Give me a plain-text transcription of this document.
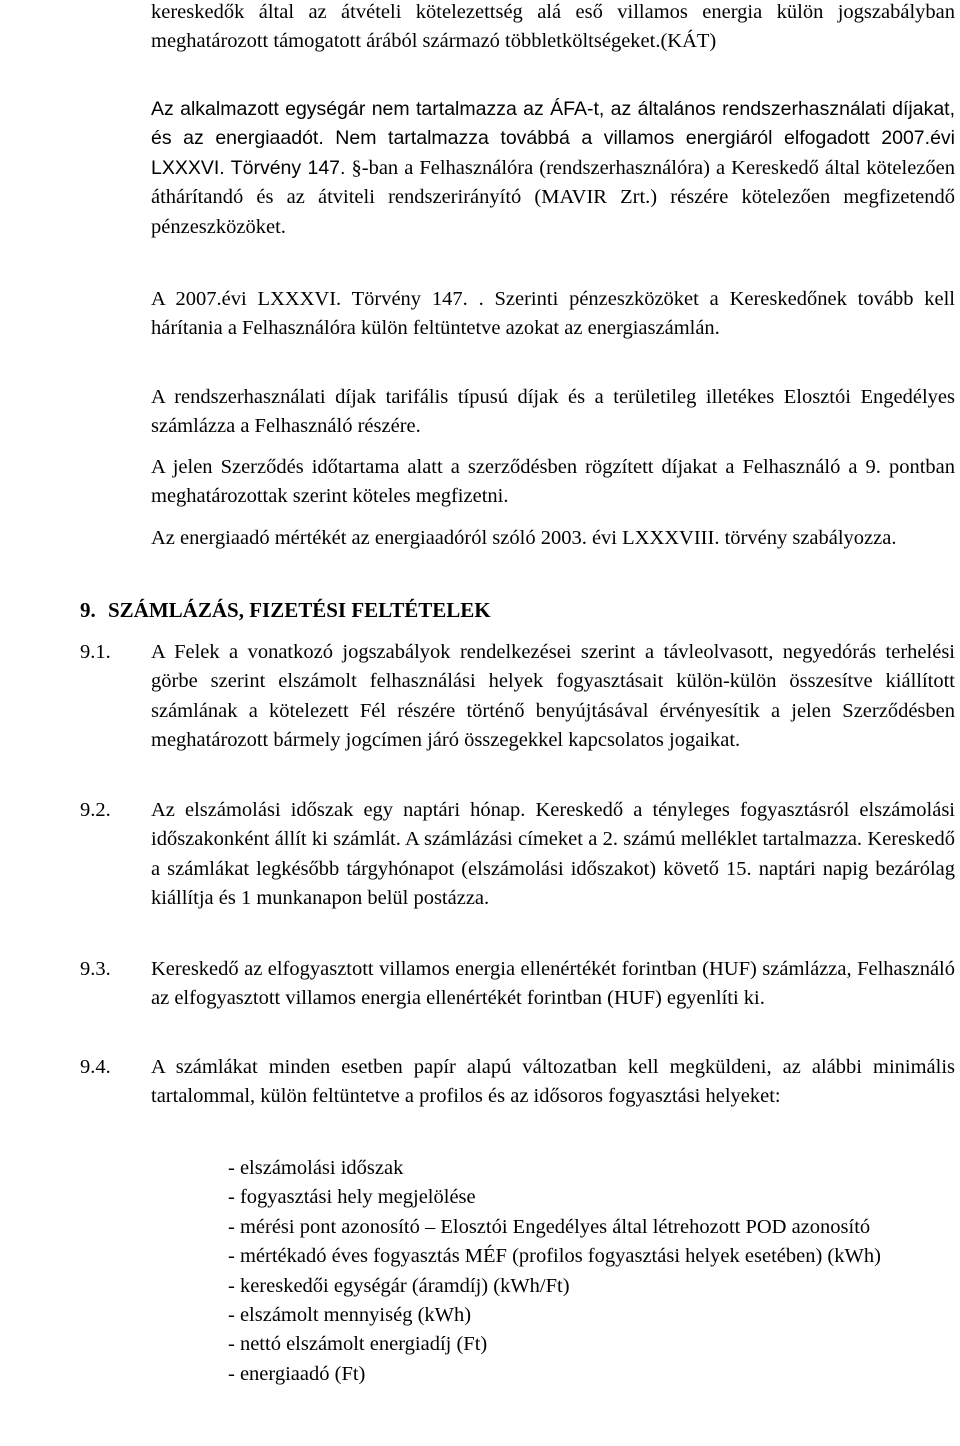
kereskedők által az átvételi kötelezettség alá eső villamos energia külön jogszabályban meghatározott támogatott árából származó többletköltségeket.(KÁT)

Az alkalmazott egységár nem tartalmazza az ÁFA-t, az általános rendszerhasználati díjakat, és az energiaadót. Nem tartalmazza továbbá a villamos energiáról elfogadott 2007.évi LXXXVI. Törvény 147. §-ban a Felhasználóra (rendszerhasználóra) a Kereskedő által kötelezően áthárítandó és az átviteli rendszerirányító (MAVIR Zrt.) részére kötelezően megfizetendő pénzeszközöket.

A 2007.évi LXXXVI. Törvény 147. . Szerinti pénzeszközöket a Kereskedőnek tovább kell hárítania a Felhasználóra külön feltüntetve azokat az energiaszámlán.

A rendszerhasználati díjak tarifális típusú díjak és a területileg illetékes Elosztói Engedélyes számlázza a Felhasználó részére.

A jelen Szerződés időtartama alatt a szerződésben rögzített díjakat a Felhasználó a 9. pontban meghatározottak szerint köteles megfizetni.

Az energiaadó mértékét az energiaadóról szóló 2003. évi LXXXVIII. törvény szabályozza.

9. SZÁMLÁZÁS, FIZETÉSI FELTÉTELEK
9.1. A Felek a vonatkozó jogszabályok rendelkezései szerint a távleolvasott, negyedórás terhelési görbe szerint elszámolt felhasználási helyek fogyasztásait külön-külön összesítve kiállított számlának a kötelezett Fél részére történő benyújtásával érvényesítik a jelen Szerződésben meghatározott bármely jogcímen járó összegekkel kapcsolatos jogaikat.

9.2. Az elszámolási időszak egy naptári hónap. Kereskedő a tényleges fogyasztásról elszámolási időszakonként állít ki számlát. A számlázási címeket a 2. számú melléklet tartalmazza. Kereskedő a számlákat legkésőbb tárgyhónapot (elszámolási időszakot) követő 15. naptári napig bezárólag kiállítja és 1 munkanapon belül postázza.

9.3. Kereskedő az elfogyasztott villamos energia ellenértékét forintban (HUF) számlázza, Felhasználó az elfogyasztott villamos energia ellenértékét forintban (HUF) egyenlíti ki.

9.4. A számlákat minden esetben papír alapú változatban kell megküldeni, az alábbi minimális tartalommal, külön feltüntetve a profilos és az idősoros fogyasztási helyeket:

- elszámolási időszak
- fogyasztási hely megjelölése
- mérési pont azonosító – Elosztói Engedélyes által létrehozott POD azonosító
- mértékadó éves fogyasztás MÉF (profilos fogyasztási helyek esetében) (kWh)
- kereskedői egységár (áramdíj) (kWh/Ft)
- elszámolt mennyiség (kWh)
- nettó elszámolt energiadíj (Ft)
- energiaadó (Ft)
